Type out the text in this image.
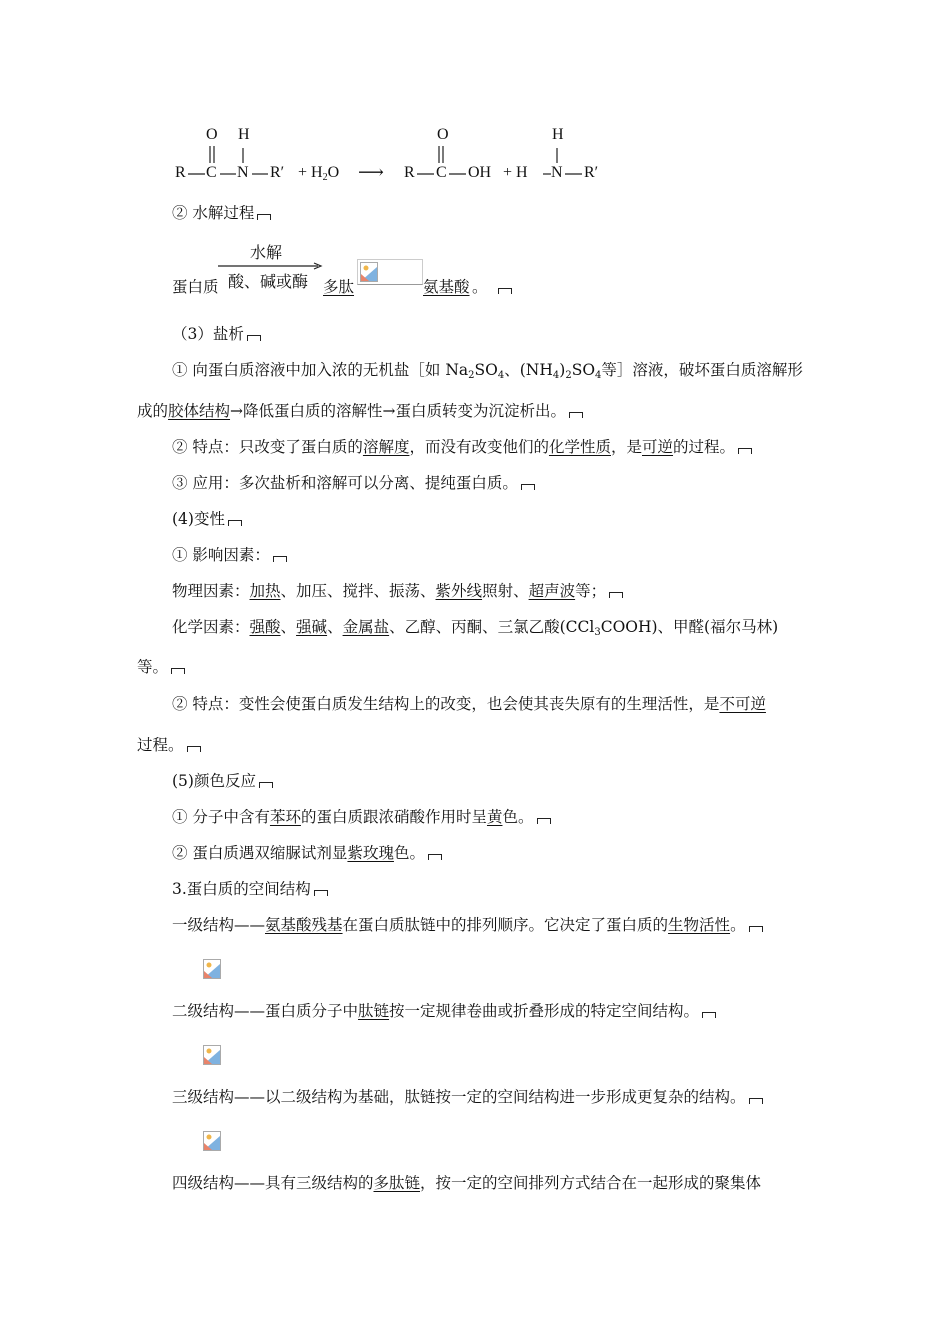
O H	O	H
R C N $R' + H_2O$ ⟶ R C OH + H N R′
② 水解过程
水解
酸、碱或酶
蛋白质	多肽	氨基酸 。
（3）盐析
① 向蛋白质溶液中加入浓的无机盐［如 $Na_2SO_4$、$(NH_4)_2SO_4$等］溶液，破坏蛋白质溶解形
成的胶体结构→降低蛋白质的溶解性→蛋白质转变为沉淀析出。
② 特点：只改变了蛋白质的溶解度，而没有改变他们的化学性质，是可逆的过程。
③ 应用：多次盐析和溶解可以分离、提纯蛋白质。
(4)变性
① 影响因素：
物理因素：加热、加压、搅拌、振荡、紫外线照射、超声波等；
化学因素：强酸、强碱、金属盐、乙醇、丙酮、三氯乙酸(CCl$_3$COOH)、甲醛(福尔马林)
等。
② 特点：变性会使蛋白质发生结构上的改变，也会使其丧失原有的生理活性，是不可逆
过程。
(5)颜色反应
① 分子中含有苯环的蛋白质跟浓硝酸作用时呈黄色。
② 蛋白质遇双缩脲试剂显紫玫瑰色。
3.蛋白质的空间结构
一级结构——氨基酸残基在蛋白质肽链中的排列顺序。它决定了蛋白质的生物活性。
二级结构——蛋白质分子中肽链按一定规律卷曲或折叠形成的特定空间结构。
三级结构——以二级结构为基础，肽链按一定的空间结构进一步形成更复杂的结构。
四级结构——具有三级结构的多肽链，按一定的空间排列方式结合在一起形成的聚集体
